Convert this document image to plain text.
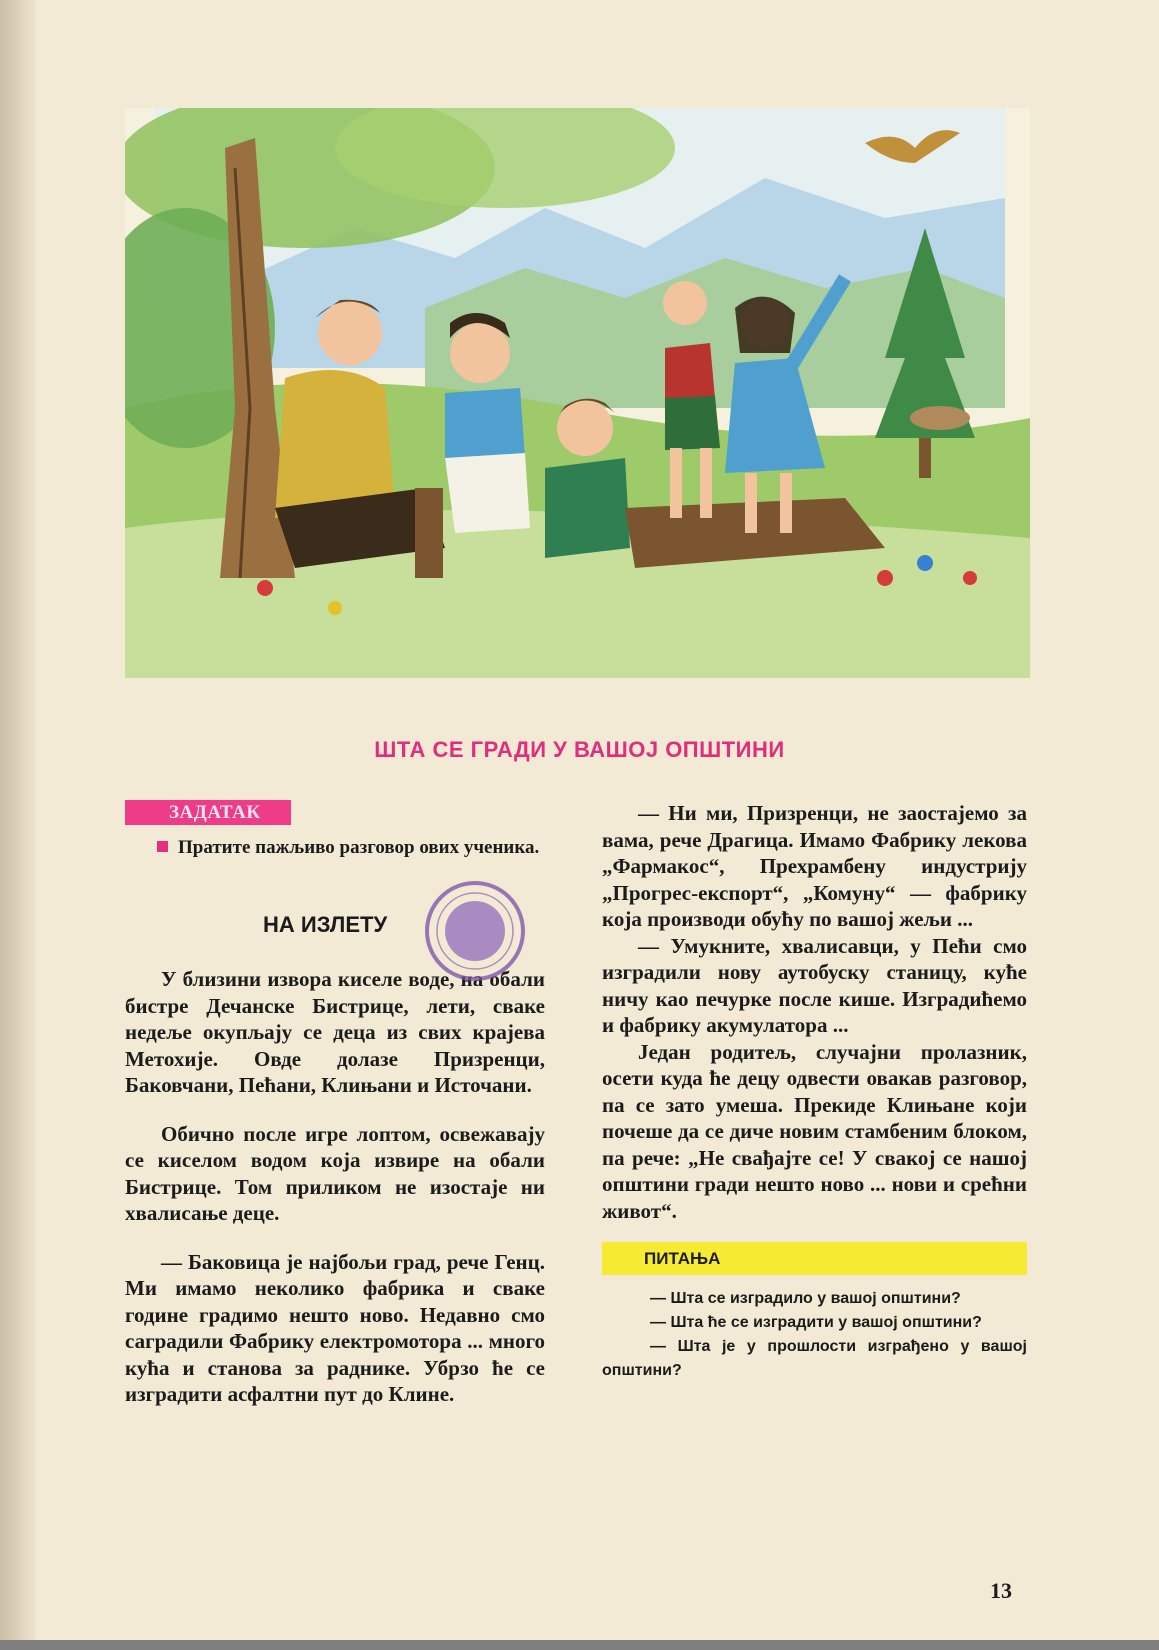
ШТА СЕ ГРАДИ У ВАШОЈ ОПШТИНИ
ЗАДАТАК

Пратите пажљиво разговор ових ученика.

НА ИЗЛЕТУ

У близини извора киселе воде, на обали бистре Дечанске Бистрице, лети, сваке недеље окупљају се деца из свих крајева Метохије. Овде долазе Призренци, Баковчани, Пећани, Клињани и Источани.

Обично после игре лоптом, освежавају се киселом водом која извире на обали Бистрице. Том приликом не изостаје ни хвалисање деце.

— Баковица је најбољи град, рече Генц. Ми имамо неколико фабрика и сваке године градимо нешто ново. Недавно смо саградили Фабрику електромотора ... много кућа и станова за раднике. Убрзо ће се изградити асфалтни пут до Клине.

— Ни ми, Призренци, не заостајемо за вама, рече Драгица. Имамо Фабрику лекова „Фармакос“, Прехрамбену индустрију „Прогрес-експорт“, „Комуну“ — фабрику која производи обућу по вашој жељи ...

— Умукните, хвалисавци, у Пећи смо изградили нову аутобуску станицу, куће ничу као печурке после кише. Изградићемо и фабрику акумулатора ...

Један родитељ, случајни пролазник, осети куда ће децу одвести овакав разговор, па се зато умеша. Прекиде Клињане који почеше да се диче новим стамбеним блоком, па рече: „Не свађајте се! У свакој се нашој општини гради нешто ново ... нови и срећни живот“.

ПИТАЊА

— Шта се изградило у вашој општини?

— Шта ће се изградити у вашој општини?

— Шта је у прошлости изграђено у вашој општини?

13
